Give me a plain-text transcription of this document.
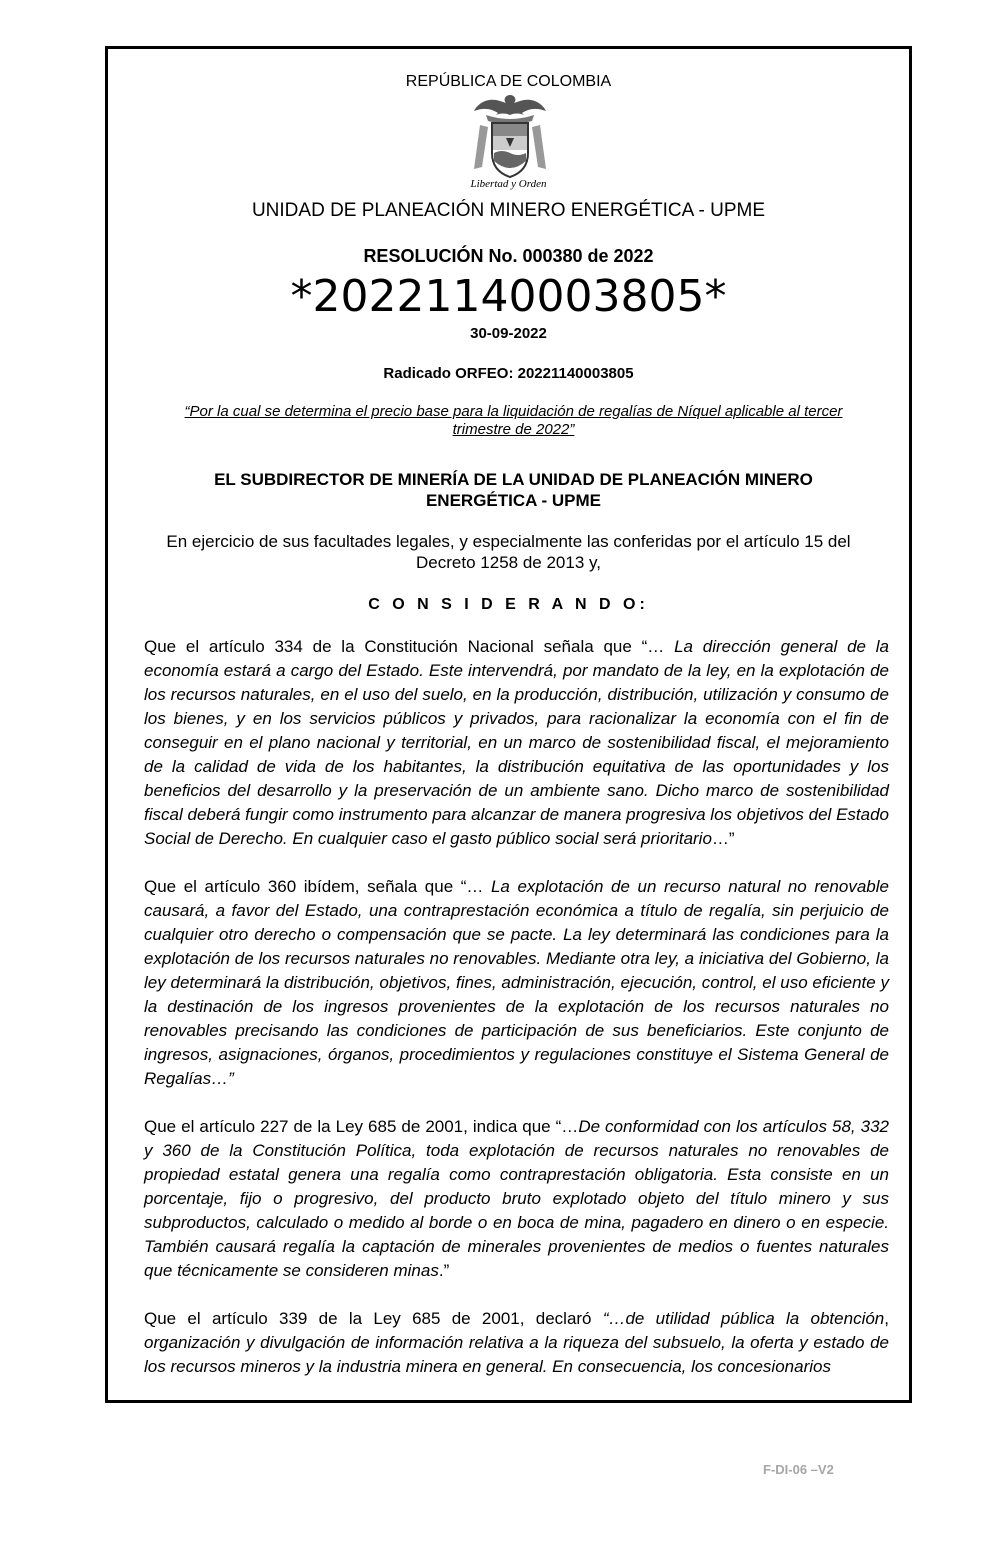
REPÚBLICA DE COLOMBIA
Libertad y Orden
UNIDAD DE PLANEACIÓN MINERO ENERGÉTICA - UPME
RESOLUCIÓN No. 000380 de 2022
*20221140003805*
30-09-2022
Radicado ORFEO: 20221140003805
“Por la cual se determina el precio base para la liquidación de regalías de Níquel aplicable al tercer trimestre de 2022”
EL SUBDIRECTOR DE MINERÍA DE LA UNIDAD DE PLANEACIÓN MINERO ENERGÉTICA - UPME
En ejercicio de sus facultades legales, y especialmente las conferidas por el artículo 15 del Decreto 1258 de 2013 y,
C O N S I D E R A N D O:

Que el artículo 334 de la Constitución Nacional señala que “… La dirección general de la economía estará a cargo del Estado. Este intervendrá, por mandato de la ley, en la explotación de los recursos naturales, en el uso del suelo, en la producción, distribución, utilización y consumo de los bienes, y en los servicios públicos y privados, para racionalizar la economía con el fin de conseguir en el plano nacional y territorial, en un marco de sostenibilidad fiscal, el mejoramiento de la calidad de vida de los habitantes, la distribución equitativa de las oportunidades y los beneficios del desarrollo y la preservación de un ambiente sano. Dicho marco de sostenibilidad fiscal deberá fungir como instrumento para alcanzar de manera progresiva los objetivos del Estado Social de Derecho. En cualquier caso el gasto público social será prioritario…”

Que el artículo 360 ibídem, señala que “… La explotación de un recurso natural no renovable causará, a favor del Estado, una contraprestación económica a título de regalía, sin perjuicio de cualquier otro derecho o compensación que se pacte. La ley determinará las condiciones para la explotación de los recursos naturales no renovables. Mediante otra ley, a iniciativa del Gobierno, la ley determinará la distribución, objetivos, fines, administración, ejecución, control, el uso eficiente y la destinación de los ingresos provenientes de la explotación de los recursos naturales no renovables precisando las condiciones de participación de sus beneficiarios. Este conjunto de ingresos, asignaciones, órganos, procedimientos y regulaciones constituye el Sistema General de Regalías…”

Que el artículo 227 de la Ley 685 de 2001, indica que “…De conformidad con los artículos 58, 332 y 360 de la Constitución Política, toda explotación de recursos naturales no renovables de propiedad estatal genera una regalía como contraprestación obligatoria. Esta consiste en un porcentaje, fijo o progresivo, del producto bruto explotado objeto del título minero y sus subproductos, calculado o medido al borde o en boca de mina, pagadero en dinero o en especie. También causará regalía la captación de minerales provenientes de medios o fuentes naturales que técnicamente se consideren minas.”

Que el artículo 339 de la Ley 685 de 2001, declaró “…de utilidad pública la obtención, organización y divulgación de información relativa a la riqueza del subsuelo, la oferta y estado de los recursos mineros y la industria minera en general. En consecuencia, los concesionarios

F-DI-06 –V2
